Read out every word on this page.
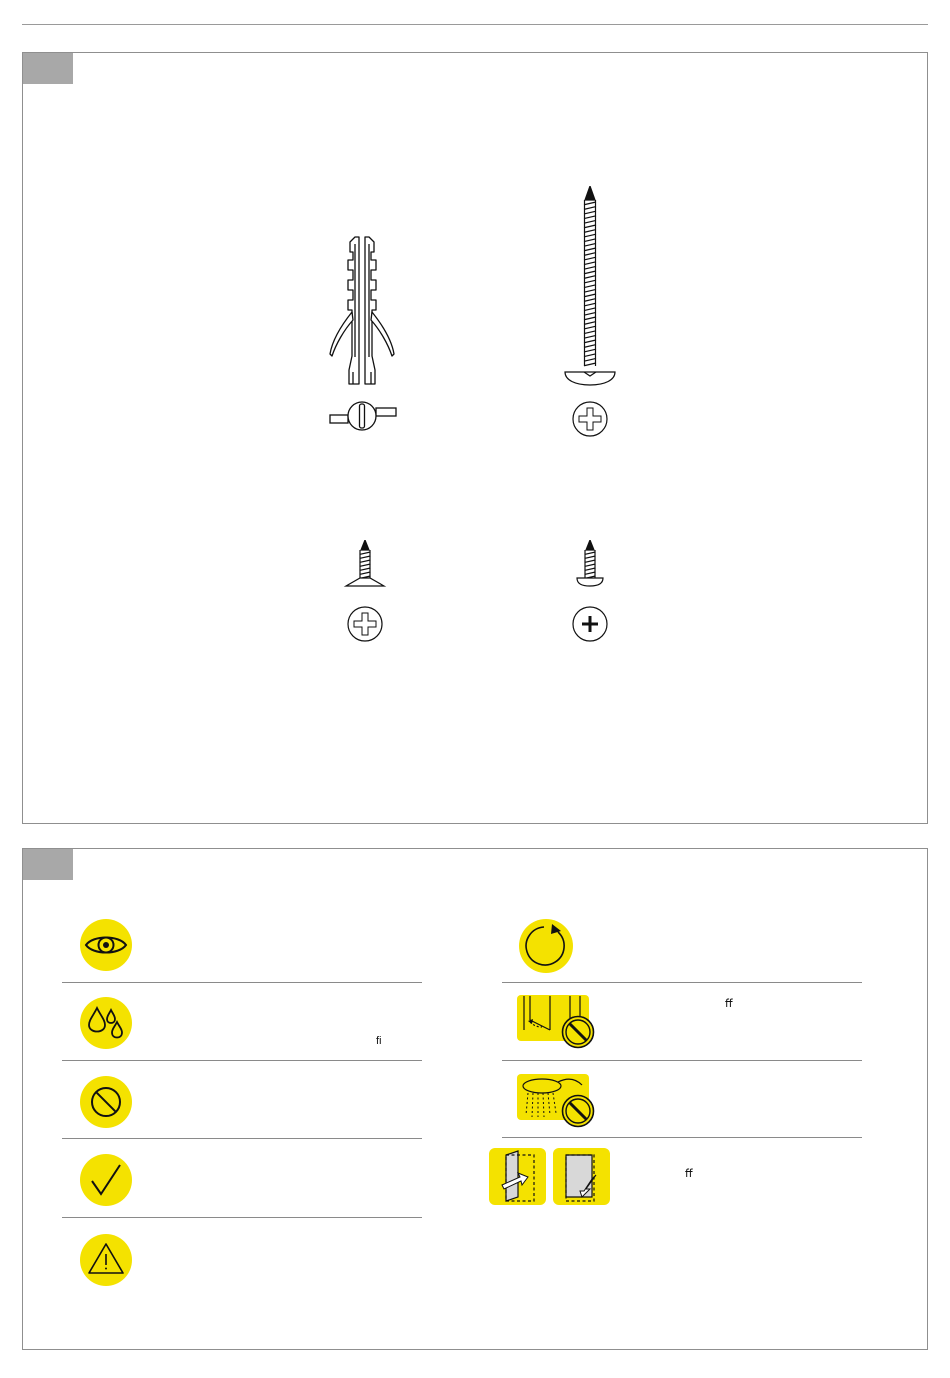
ﬁ
ﬀ
ﬀ
